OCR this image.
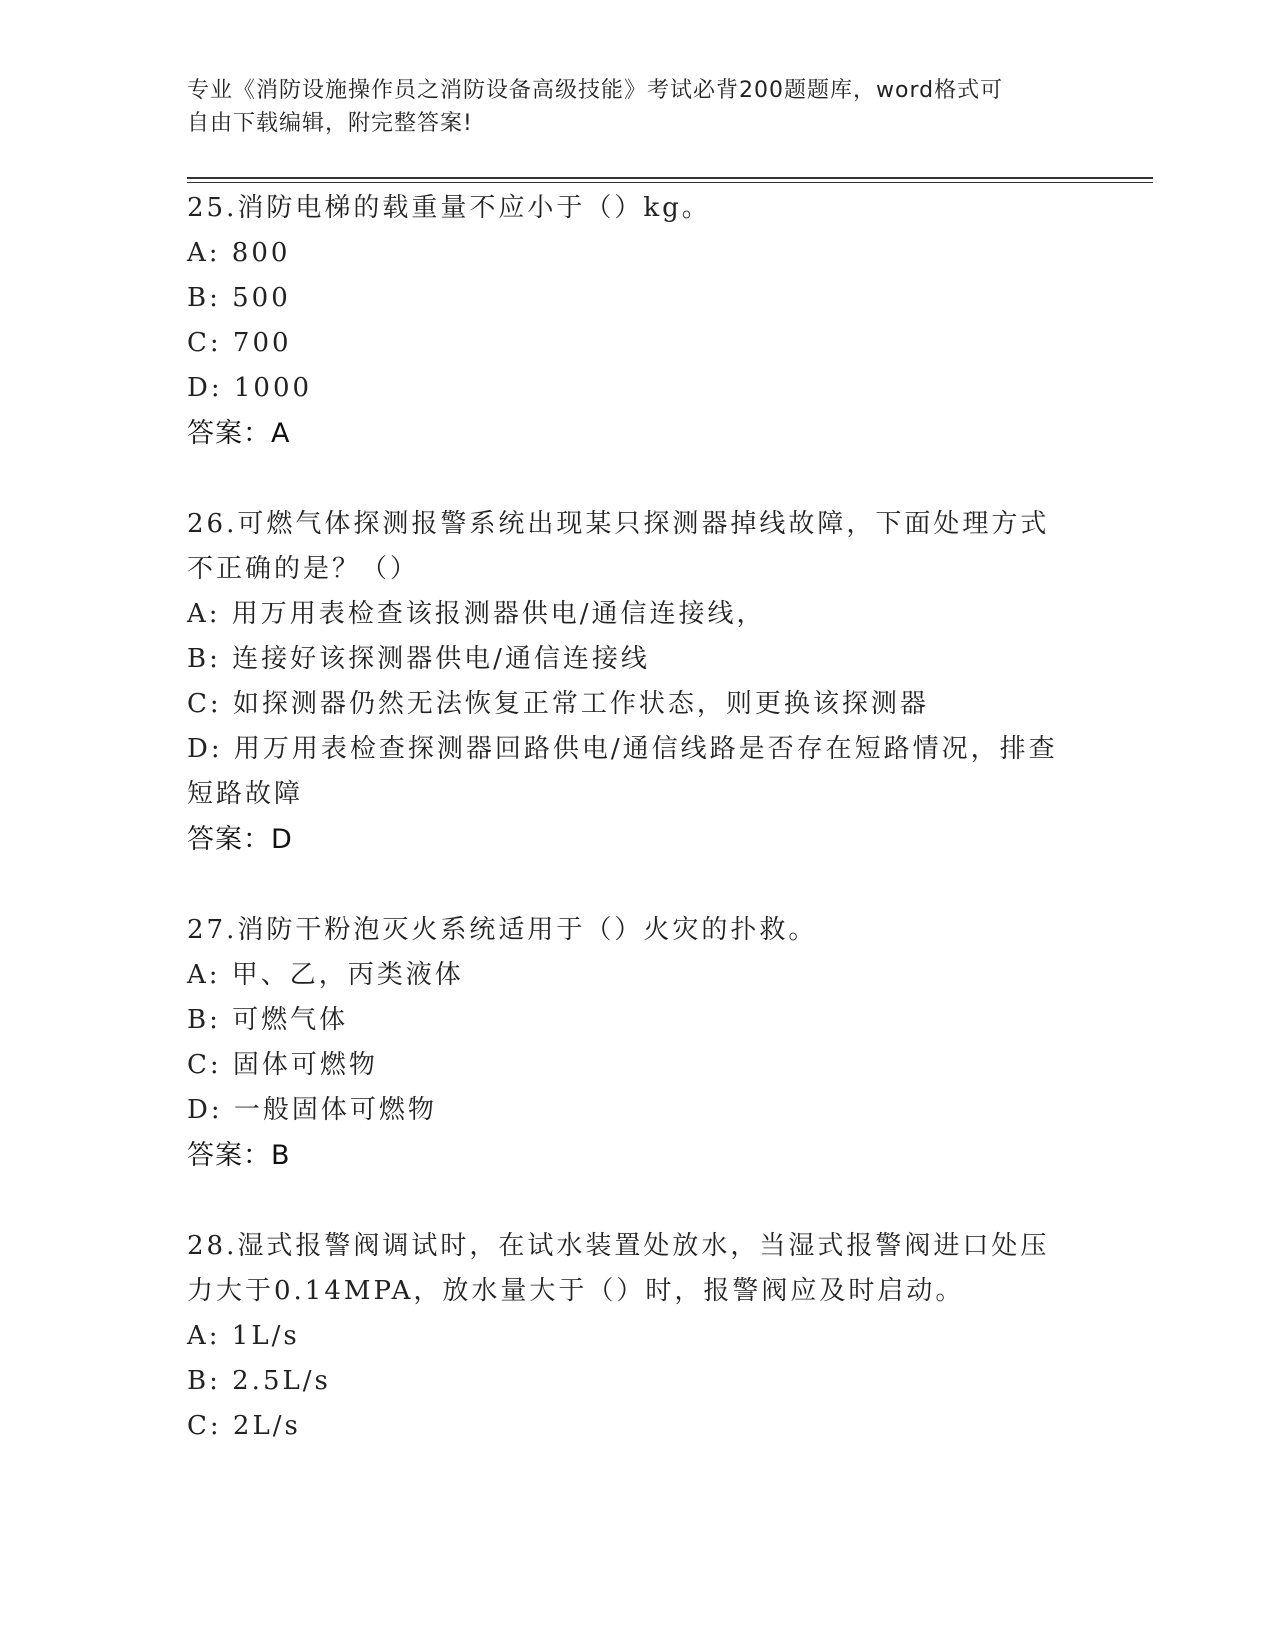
专业《消防设施操作员之消防设备高级技能》考试必背200题题库，word格式可
自由下载编辑，附完整答案!

25.消防电梯的载重量不应小于（）kg。

A: 800

B: 500

C: 700

D: 1000

答案：A

26.可燃气体探测报警系统出现某只探测器掉线故障，下面处理方式不正确的是？（）

A: 用万用表检查该报测器供电/通信连接线，

B: 连接好该探测器供电/通信连接线

C: 如探测器仍然无法恢复正常工作状态，则更换该探测器

D: 用万用表检查探测器回路供电/通信线路是否存在短路情况，排查短路故障

答案：D

27.消防干粉泡灭火系统适用于（）火灾的扑救。

A: 甲、乙，丙类液体

B: 可燃气体

C: 固体可燃物

D: 一般固体可燃物

答案：B

28.湿式报警阀调试时，在试水装置处放水，当湿式报警阀进口处压力大于0.14MPA，放水量大于（）时，报警阀应及时启动。

A: 1L/s

B: 2.5L/s

C: 2L/s
